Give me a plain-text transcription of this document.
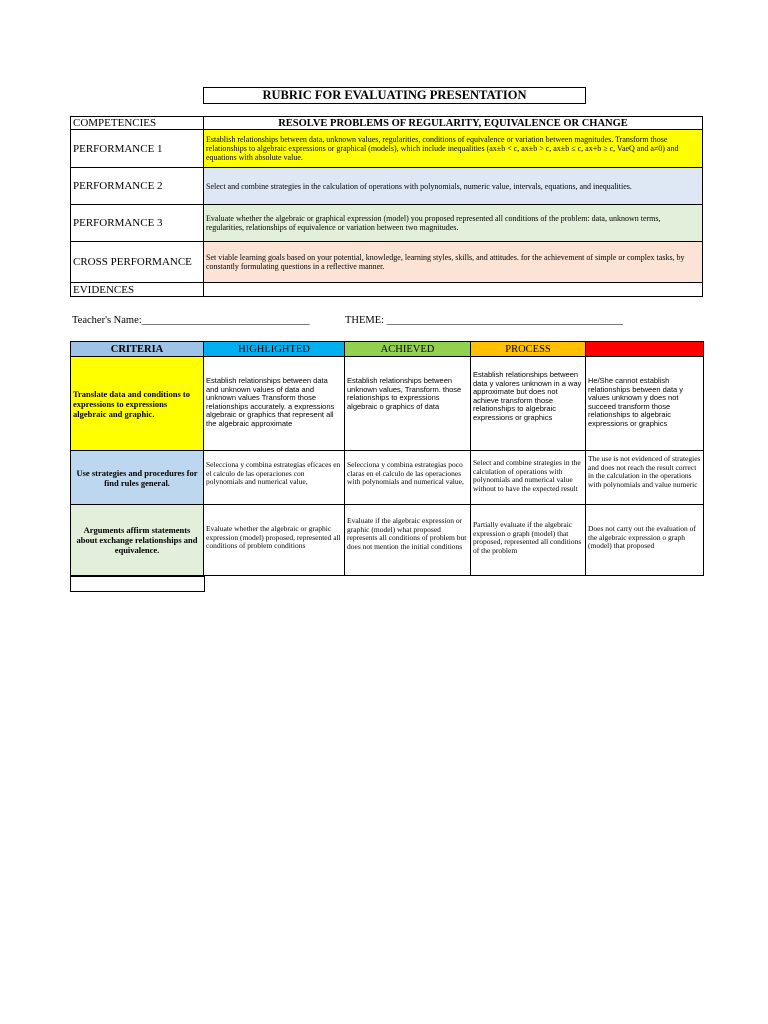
RUBRIC FOR EVALUATING PRESENTATION
COMPETENCIES	RESOLVE PROBLEMS OF REGULARITY, EQUIVALENCE OR CHANGE
PERFORMANCE 1	Establish relationships between data, unknown values, regularities, conditions of equivalence or variation between magnitudes. Transform those relationships to algebraic expressions or graphical (models), which include inequalities (ax±b < c, ax±b > c, ax±b ≤ c, ax+b ≥ c, VaeQ and a≠0) and equations with absolute value.
PERFORMANCE 2	Select and combine strategies in the calculation of operations with polynomials, numeric value, intervals, equations, and inequalities.
PERFORMANCE 3	Evaluate whether the algebraic or graphical expression (model) you proposed represented all conditions of the problem: data, unknown terms, regularities, relationships of equivalence or variation between two magnitudes.
CROSS PERFORMANCE	Set viable learning goals based on your potential, knowledge, learning styles, skills, and attitudes. for the achievement of simple or complex tasks, by constantly formulating questions in a reflective manner.
EVIDENCES	
Teacher's Name:________________________________	THEME: _____________________________________________
CRITERIA	HIGHLIGHTED	ACHIEVED	PROCESS	START
Translate data and conditions to expressions to expressions algebraic and graphic.	Establish relationships between data and unknown values of data and unknown values Transform those relationships accurately. a expressions algebraic or graphics that represent all the algebraic approximate	Establish relationships between unknown values, Transform. those relationships to expressions algebraic o graphics of data	Establish relationships between data y valores unknown in a way approximate but does not achieve transform those relationships to algebraic expressions or graphics	He/She cannot establish relationships between data y values unknown y does not succeed transform those relationships to algebraic expressions or graphics
Use strategies and procedures for find rules general.	Selecciona y combina estrategias eficaces en el calculo de las operaciones con polynomials and numerical value,	Selecciona y combina estrategias poco claras en el calculo de las operaciones with polynomials and numerical value,	Select and combine strategies in the calculation of operations with polynomials and numerical value without to have the expected result	The use is not evidenced of strategies and does not reach the result correct in the calculation in the operations with polynomials and value numeric
Arguments affirm statements about exchange relationships and equivalence.	Evaluate whether the algebraic or graphic expression (model) proposed, represented all conditions of problem conditions	Evaluate if the algebraic expression or graphic (model) what proposed represents all conditions of problem but does not mention the initial conditions	Partially evaluate if the algebraic expression o graph (model) that proposed, represented all conditions of the problem	Does not carry out the evaluation of the algebraic expression o graph (model) that proposed
